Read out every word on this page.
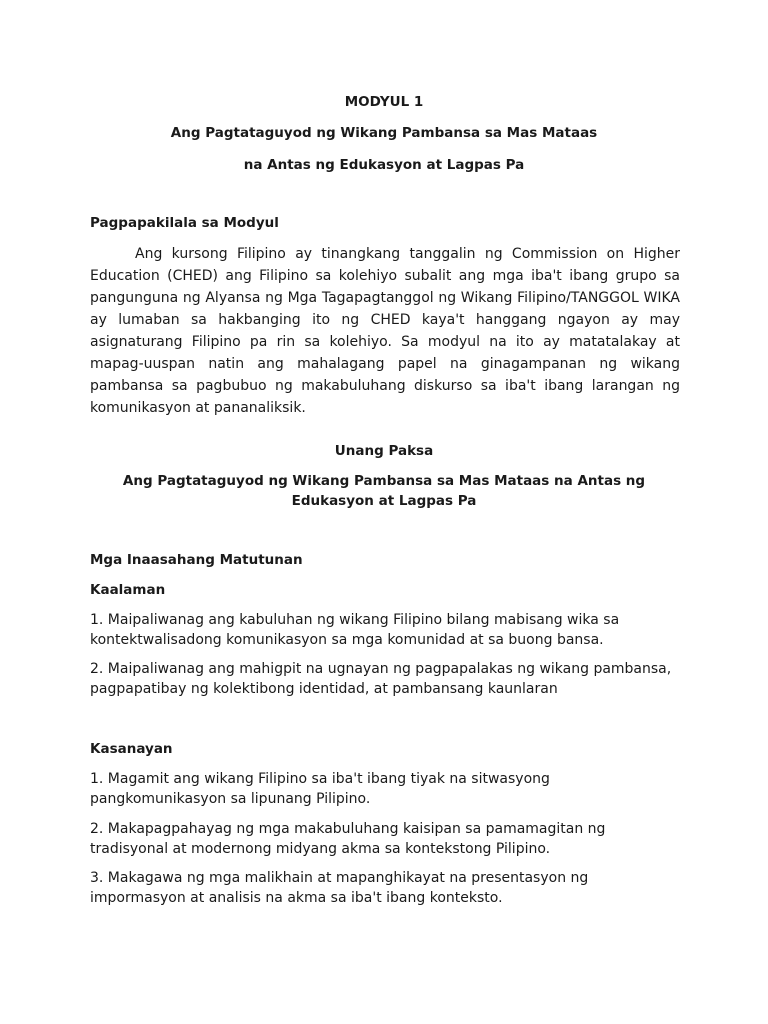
MODYUL 1
Ang Pagtataguyod ng Wikang Pambansa sa Mas Mataas
na Antas ng Edukasyon at Lagpas Pa
Pagpapakilala sa Modyul
Ang kursong Filipino ay tinangkang tanggalin ng Commission on Higher Education (CHED) ang Filipino sa kolehiyo subalit ang mga iba't ibang grupo sa pangunguna ng Alyansa ng Mga Tagapagtanggol ng Wikang Filipino/TANGGOL WIKA ay lumaban sa hakbanging ito ng CHED kaya't hanggang ngayon ay may asignaturang Filipino pa rin sa kolehiyo. Sa modyul na ito ay matatalakay at mapag-uuspan natin ang mahalagang papel na ginagampanan ng wikang pambansa sa pagbubuo ng makabuluhang diskurso sa iba't ibang larangan ng komunikasyon at pananaliksik.
Unang Paksa
Ang Pagtataguyod ng Wikang Pambansa sa Mas Mataas na Antas ng
Edukasyon at Lagpas Pa
Mga Inaasahang Matutunan
Kaalaman
1. Maipaliwanag ang kabuluhan ng wikang Filipino bilang mabisang wika sa kontektwalisadong komunikasyon sa mga komunidad at sa buong bansa.
2. Maipaliwanag ang mahigpit na ugnayan ng pagpapalakas ng wikang pambansa, pagpapatibay ng kolektibong identidad, at pambansang kaunlaran
Kasanayan
1. Magamit ang wikang Filipino sa iba't ibang tiyak na sitwasyong pangkomunikasyon sa lipunang Pilipino.
2. Makapagpahayag ng mga makabuluhang kaisipan sa pamamagitan ng tradisyonal at modernong midyang akma sa kontekstong Pilipino.
3. Makagawa ng mga malikhain at mapanghikayat na presentasyon ng impormasyon at analisis na akma sa iba't ibang konteksto.
